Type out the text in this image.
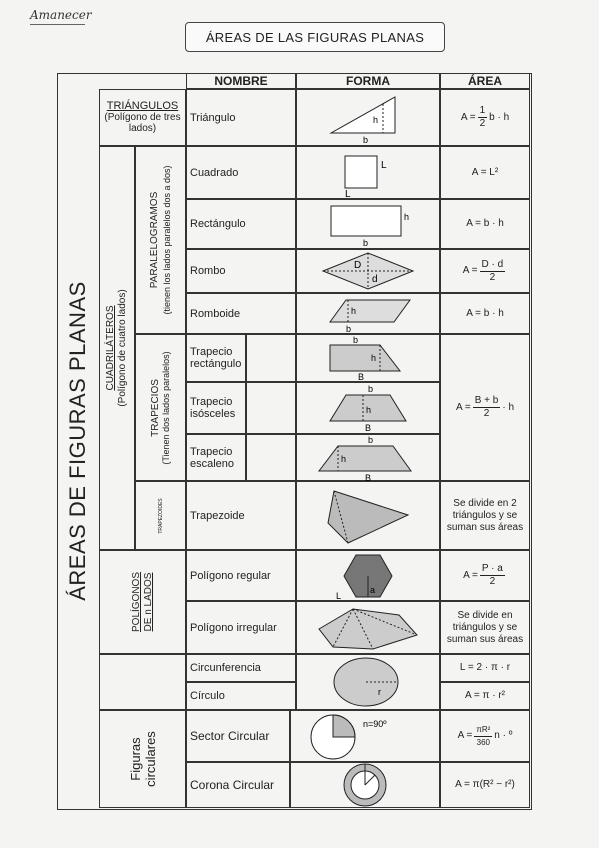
Amanecer
ÁREAS DE LAS FIGURAS PLANAS
ÁREAS DE FIGURAS PLANAS
NOMBRE	FORMA	ÁREA
TRIÁNGULOS
(Polígono de tres lados)
CUADRILÁTEROS (Polígono de cuatro lados)
PARALELOGRAMOS (tienen los lados paralelos dos a dos)
TRAPECIOS (Tienen dos lados paralelos)
TRAPEZOIDES
POLÍGONOS DE n LADOS
Figuras circulares
Triángulo
Cuadrado
Rectángulo
Rombo
Romboide
Trapecio rectángulo
Trapecio isósceles
Trapecio escaleno
Trapezoide
Polígono regular
Polígono irregular
Circunferencia
Círculo
Sector Circular
Corona Circular
h
b
L
L
h
b
D
d
h
b
b
h
B
b
h
B
b
h
B
a
L
r
n=90º
$A = \frac{1}{2}$ b · h
A = L²
A = b · h
$A = \frac{D \cdot d}{2}$
A = b · h
$A = \frac{B + b}{2} \cdot h$
Se divide en 2 triángulos y se suman sus áreas
$A = \frac{P \cdot a}{2}$
Se divide en triángulos y se suman sus áreas
L = 2 · π · r
A = π · r²
$A = \frac{\text{πR²}}{360}$ n · º
A = π(R² − r²)
